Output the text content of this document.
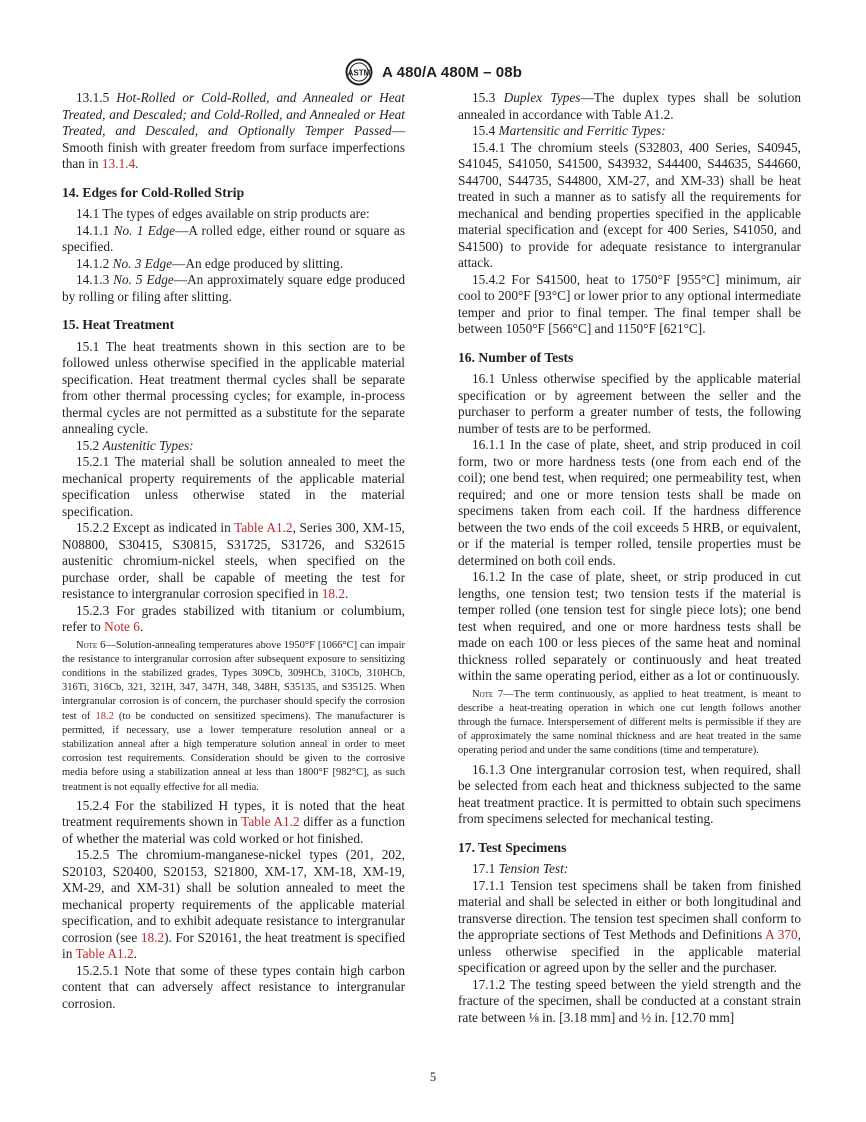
ASTM A 480/A 480M – 08b

13.1.5 Hot-Rolled or Cold-Rolled, and Annealed or Heat Treated, and Descaled; and Cold-Rolled, and Annealed or Heat Treated, and Descaled, and Optionally Temper Passed—Smooth finish with greater freedom from surface imperfections than in 13.1.4.

14. Edges for Cold-Rolled Strip

14.1 The types of edges available on strip products are:

14.1.1 No. 1 Edge—A rolled edge, either round or square as specified.

14.1.2 No. 3 Edge—An edge produced by slitting.

14.1.3 No. 5 Edge—An approximately square edge produced by rolling or filing after slitting.

15. Heat Treatment

15.1 The heat treatments shown in this section are to be followed unless otherwise specified in the applicable material specification. Heat treatment thermal cycles shall be separate from other thermal processing cycles; for example, in-process thermal cycles are not permitted as a substitute for the separate annealing cycle.

15.2 Austenitic Types:

15.2.1 The material shall be solution annealed to meet the mechanical property requirements of the applicable material specification unless otherwise stated in the material specification.

15.2.2 Except as indicated in Table A1.2, Series 300, XM-15, N08800, S30415, S30815, S31725, S31726, and S32615 austenitic chromium-nickel steels, when specified on the purchase order, shall be capable of meeting the test for resistance to intergranular corrosion specified in 18.2.

15.2.3 For grades stabilized with titanium or columbium, refer to Note 6.

Note 6—Solution-annealing temperatures above 1950°F [1066°C] can impair the resistance to intergranular corrosion after subsequent exposure to sensitizing conditions in the stabilized grades, Types 309Cb, 309HCb, 310Cb, 310HCb, 316Ti, 316Cb, 321, 321H, 347, 347H, 348, 348H, S35135, and S35125. When intergranular corrosion is of concern, the purchaser should specify the corrosion test of 18.2 (to be conducted on sensitized specimens). The manufacturer is permitted, if necessary, use a lower temperature resolution anneal or a stabilization anneal after a high temperature solution anneal in order to meet corrosion test requirements. Consideration should be given to the corrosive media before using a stabilization anneal at less than 1800°F [982°C], as such treatment is not equally effective for all media.

15.2.4 For the stabilized H types, it is noted that the heat treatment requirements shown in Table A1.2 differ as a function of whether the material was cold worked or hot finished.

15.2.5 The chromium-manganese-nickel types (201, 202, S20103, S20400, S20153, S21800, XM-17, XM-18, XM-19, XM-29, and XM-31) shall be solution annealed to meet the mechanical property requirements of the applicable material specification, and to exhibit adequate resistance to intergranular corrosion (see 18.2). For S20161, the heat treatment is specified in Table A1.2.

15.2.5.1 Note that some of these types contain high carbon content that can adversely affect resistance to intergranular corrosion.

15.3 Duplex Types—The duplex types shall be solution annealed in accordance with Table A1.2.

15.4 Martensitic and Ferritic Types:

15.4.1 The chromium steels (S32803, 400 Series, S40945, S41045, S41050, S41500, S43932, S44400, S44635, S44660, S44700, S44735, S44800, XM-27, and XM-33) shall be heat treated in such a manner as to satisfy all the requirements for mechanical and bending properties specified in the applicable material specification and (except for 400 Series, S41050, and S41500) to provide for adequate resistance to intergranular attack.

15.4.2 For S41500, heat to 1750°F [955°C] minimum, air cool to 200°F [93°C] or lower prior to any optional intermediate temper and prior to final temper. The final temper shall be between 1050°F [566°C] and 1150°F [621°C].

16. Number of Tests

16.1 Unless otherwise specified by the applicable material specification or by agreement between the seller and the purchaser to perform a greater number of tests, the following number of tests are to be performed.

16.1.1 In the case of plate, sheet, and strip produced in coil form, two or more hardness tests (one from each end of the coil); one bend test, when required; one permeability test, when required; and one or more tension tests shall be made on specimens taken from each coil. If the hardness difference between the two ends of the coil exceeds 5 HRB, or equivalent, or if the material is temper rolled, tensile properties must be determined on both coil ends.

16.1.2 In the case of plate, sheet, or strip produced in cut lengths, one tension test; two tension tests if the material is temper rolled (one tension test for single piece lots); one bend test when required, and one or more hardness tests shall be made on each 100 or less pieces of the same heat and nominal thickness rolled separately or continuously and heat treated within the same operating period, either as a lot or continuously.

Note 7—The term continuously, as applied to heat treatment, is meant to describe a heat-treating operation in which one cut length follows another through the furnace. Interspersement of different melts is permissible if they are of approximately the same nominal thickness and are heat treated in the same operating period and under the same conditions (time and temperature).

16.1.3 One intergranular corrosion test, when required, shall be selected from each heat and thickness subjected to the same heat treatment practice. It is permitted to obtain such specimens from specimens selected for mechanical testing.

17. Test Specimens

17.1 Tension Test:

17.1.1 Tension test specimens shall be taken from finished material and shall be selected in either or both longitudinal and transverse direction. The tension test specimen shall conform to the appropriate sections of Test Methods and Definitions A 370, unless otherwise specified in the applicable material specification or agreed upon by the seller and the purchaser.

17.1.2 The testing speed between the yield strength and the fracture of the specimen, shall be conducted at a constant strain rate between ⅛ in. [3.18 mm] and ½ in. [12.70 mm]

5
